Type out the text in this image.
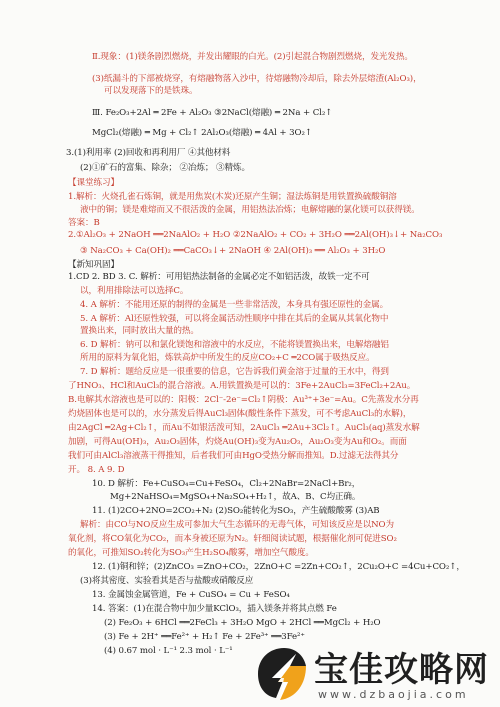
Ⅱ.现象：(1)镁条剧烈燃烧，并发出耀眼的白光。(2)引起混合物剧烈燃烧，发光发热。
(3)纸漏斗的下部被烧穿，有熔融物落入沙中，待熔融物冷却后，除去外层熔渣(Al₂O₃)，
可以发现落下的是铁珠。
Ⅲ. Fe₂O₃+2Al ═ 2Fe + Al₂O₃ ③2NaCl(熔融) ═ 2Na + Cl₂↑
MgCl₂(熔融) ═ Mg + Cl₂↑ 2Al₂O₃(熔融) ═ 4Al + 3O₂↑
3.(1)利用率 (2)回收和再利用厂 ④其他材料
(2)①矿石的富集、除杂； ②冶炼； ③精炼。
【课堂练习】
1.解析：火烧孔雀石炼铜，就是用焦炭(木炭)还原产生铜；湿法炼铜是用铁置换硫酸铜溶
液中的铜；镁是难熔而又不很活泼的金属，用铝热法冶炼；电解熔融的氯化镁可以获得镁。
答案：B
2.①Al₂O₃ + 2NaOH ══2NaAlO₂ + H₂O ②2NaAlO₂ + CO₂ + 3H₂O ══2Al(OH)₃↓+ Na₂CO₃
③ Na₂CO₃ + Ca(OH)₂ ══CaCO₃↓+ 2NaOH ④ 2Al(OH)₃ ══ Al₂O₃ + 3H₂O
【新知巩固】
1.CD 2. BD 3. C. 解析：可用铝热法制备的金属必定不如铝活泼，故铁一定不可
以，利用排除法可以选择C。
4. A 解析：不能用还原的制得的金属是一些非常活泼，本身具有强还原性的金属。
5. A 解析：Al还原性较强，可以将金属活动性顺序中排在其后的金属从其氧化物中
置换出来，同时放出大量的热。
6. D 解析：钠可以和氯化镁饱和溶液中的水反应，不能将镁置换出来，电解熔融铝
所用的原料为氧化铝，炼铁高炉中所发生的反应CO₂+C ═2CO属于吸热反应。
7. D 解析：题给反应是一很重要的信息，它告诉我们黄金溶于过量的王水中，得到
了HNO₃、HCl和AuCl₃的混合溶液。A.用铁置换是可以的：3Fe+2AuCl₃=3FeCl₂+2Au。
B.电解其水溶液也是可以的：阳极：2Cl⁻-2e⁻=Cl₂↑阴极：Au³⁺+3e⁻=Au。C先蒸发水分再
灼烧固体也是可以的，水分蒸发后得AuCl₃固体(酸性条件下蒸发，可不考虑AuCl₃的水解)，
由2AgCl ═2Ag+Cl₂↑，而Au不如银活泼可知，2AuCl₃ ═2Au+3Cl₂↑。AuCl₃(aq)蒸发水解
加剧，可得Au(OH)₃，Au₂O₃固体，灼烧Au(OH)₃变为Au₂O₃，Au₂O₃变为Au和O₂。而面
我们可由AlCl₃溶液蒸干得推知，后者我们可由HgO受热分解而推知。D.过滤无法得其分
开。 8. A 9. D
10. D 解析：Fe+CuSO₄=Cu+FeSO₄，Cl₂+2NaBr=2NaCl+Br₂，
Mg+2NaHSO₄=MgSO₄+Na₂SO₄+H₂↑，故A、B、C均正确。
11. (1)2CO+2NO=2CO₂+N₂ (2)SO₂能转化为SO₃，产生硫酸酸雾 (3)AB
解析：由CO与NO反应生成可参加大气生态循环的无毒气体，可知该反应是以NO为
氧化剂，将CO氧化为CO₂，而本身被还原为N₂。轩细阅读试题，根据催化剂可促进SO₂
的氧化，可推知SO₂转化为SO₃产生H₂SO₄酸雾，增加空气酸度。
12. (1)铜和锌；(2)ZnCO₃ =ZnO+CO₂，2ZnO+C =2Zn+CO₂↑，2Cu₂O+C =4Cu+CO₂↑，
(3)将其密度、实验看其是否与盐酸或硝酸反应
13. 金属蚀金属管道，Fe + CuSO₄ = Cu + FeSO₄
14. 答案：(1)在混合物中加少量KClO₃，插入镁条并将其点燃 Fe
(2) Fe₂O₃ + 6HCl ══2FeCl₃ + 3H₂O MgO + 2HCl ══MgCl₂ + H₂O
(3) Fe + 2H⁺ ══Fe²⁺ + H₂↑ Fe + 2Fe³⁺ ══3Fe²⁺
(4) 0.67 mol · L⁻¹ 2.3 mol · L⁻¹ 宝佳攻略网
www.dzbaojia.com
